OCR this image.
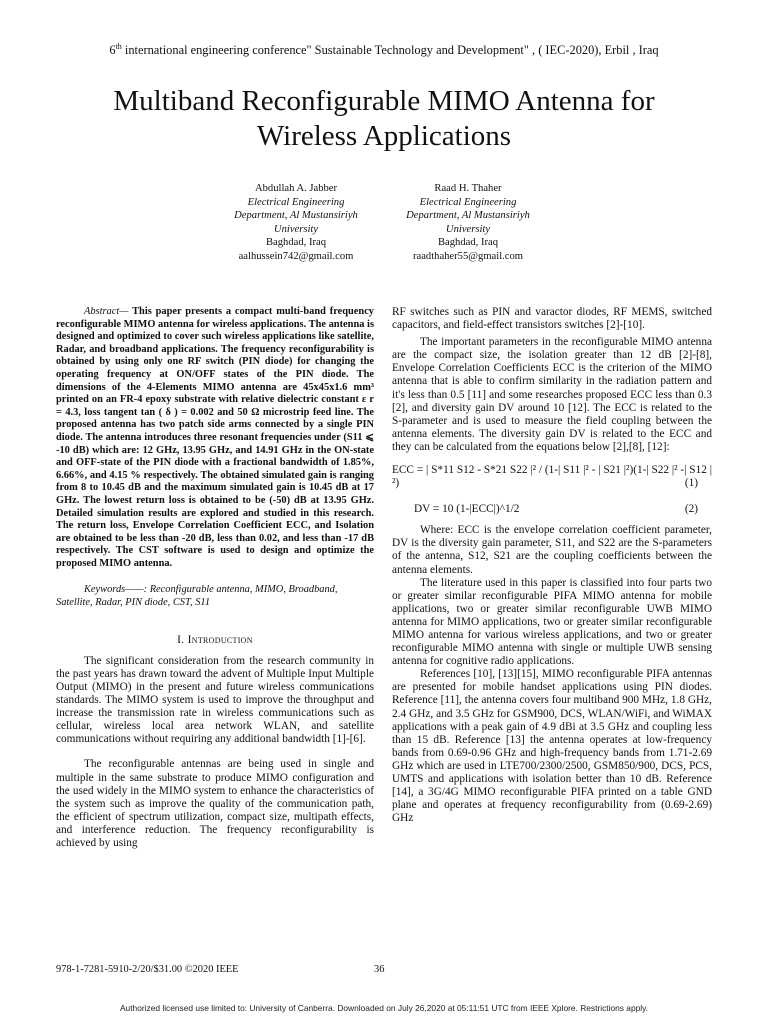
6th international engineering conference" Sustainable Technology and Development" , ( IEC-2020), Erbil , Iraq
Multiband Reconfigurable MIMO Antenna for
Wireless Applications
Abdullah A. Jabber
Electrical Engineering
Department, Al Mustansiriyh
University
Baghdad, Iraq
aalhussein742@gmail.com
Raad H. Thaher
Electrical Engineering
Department, Al Mustansiriyh
University
Baghdad, Iraq
raadthaher55@gmail.com

Abstract— This paper presents a compact multi-band frequency reconfigurable MIMO antenna for wireless applications. The antenna is designed and optimized to cover such wireless applications like satellite, Radar, and broadband applications. The frequency reconfigurability is obtained by using only one RF switch (PIN diode) for changing the operating frequency at ON/OFF states of the PIN diode. The dimensions of the 4-Elements MIMO antenna are 45x45x1.6 mm³ printed on an FR-4 epoxy substrate with relative dielectric constant ε r = 4.3, loss tangent tan ( δ ) = 0.002 and 50 Ω microstrip feed line. The proposed antenna has two patch side arms connected by a single PIN diode. The antenna introduces three resonant frequencies under (S11 ⩽ -10 dB) which are: 12 GHz, 13.95 GHz, and 14.91 GHz in the ON-state and OFF-state of the PIN diode with a fractional bandwidth of 1.85%, 6.66%, and 4.15 % respectively. The obtained simulated gain is ranging from 8 to 10.45 dB and the maximum simulated gain is 10.45 dB at 17 GHz. The lowest return loss is obtained to be (-50) dB at 13.95 GHz. Detailed simulation results are explored and studied in this research. The return loss, Envelope Correlation Coefficient ECC, and Isolation are obtained to be less than -20 dB, less than 0.02, and less than -17 dB respectively. The CST software is used to design and optimize the proposed MIMO antenna.

Keywords——: Reconfigurable antenna, MIMO, Broadband, Satellite, Radar, PIN diode, CST, S11

I. Introduction

The significant consideration from the research community in the past years has drawn toward the advent of Multiple Input Multiple Output (MIMO) in the present and future wireless communications standards. The MIMO system is used to improve the throughput and increase the transmission rate in wireless communications such as cellular, wireless local area network WLAN, and satellite communications without requiring any additional bandwidth [1]-[6].

The reconfigurable antennas are being used in single and multiple in the same substrate to produce MIMO configuration and the used widely in the MIMO system to enhance the characteristics of the system such as improve the quality of the communication path, the efficient of spectrum utilization, compact size, multipath effects, and interference reduction. The frequency reconfigurability is achieved by using

RF switches such as PIN and varactor diodes, RF MEMS, switched capacitors, and field-effect transistors switches [2]-[10].

The important parameters in the reconfigurable MIMO antenna are the compact size, the isolation greater than 12 dB [2]-[8], Envelope Correlation Coefficients ECC is the criterion of the MIMO antenna that is able to confirm similarity in the radiation pattern and it's less than 0.5 [11] and some researches proposed ECC less than 0.3 [2], and diversity gain DV around 10 [12]. The ECC is related to the S-parameter and is used to measure the field coupling between the antenna elements. The diversity gain DV is related to the ECC and they can be calculated from the equations below [2],[8], [12]:

ECC = | S*11 S12 - S*21 S22 |² / (1-| S11 |² - | S21 |²)(1-| S22 |² -| S12 |²)	(1)
DV = 10 (1-|ECC|)^1/2	(2)

Where: ECC is the envelope correlation coefficient parameter, DV is the diversity gain parameter, S11, and S22 are the S-parameters of the antenna, S12, S21 are the coupling coefficients between the antenna elements.

The literature used in this paper is classified into four parts two or greater similar reconfigurable PIFA MIMO antenna for mobile applications, two or greater similar reconfigurable UWB MIMO antenna for MIMO applications, two or greater similar reconfigurable MIMO antenna for various wireless applications, and two or greater reconfigurable MIMO antenna with single or multiple UWB sensing antenna for cognitive radio applications.

References [10], [13][15], MIMO reconfigurable PIFA antennas are presented for mobile handset applications using PIN diodes. Reference [11], the antenna covers four multiband 900 MHz, 1.8 GHz, 2.4 GHz, and 3.5 GHz for GSM900, DCS, WLAN/WiFi, and WiMAX applications with a peak gain of 4.9 dBi at 3.5 GHz and coupling less than 15 dB. Reference [13] the antenna operates at low-frequency bands from 0.69-0.96 GHz and high-frequency bands from 1.71-2.69 GHz which are used in LTE700/2300/2500, GSM850/900, DCS, PCS, UMTS and applications with isolation better than 10 dB. Reference [14], a 3G/4G MIMO reconfigurable PIFA printed on a table GND plane and operates at frequency reconfigurability from (0.69-2.69) GHz

978-1-7281-5910-2/20/$31.00 ©2020 IEEE	36
Authorized licensed use limited to: University of Canberra. Downloaded on July 26,2020 at 05:11:51 UTC from IEEE Xplore. Restrictions apply.
